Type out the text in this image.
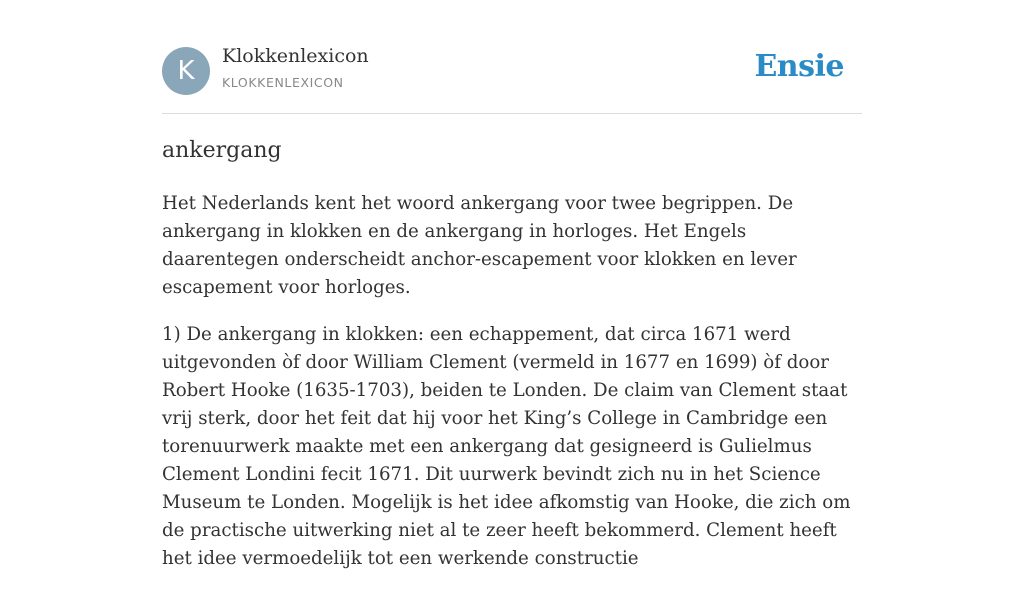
K	Klokkenlexicon
KLOKKENLEXICON	Ensie
ankergang

Het Nederlands kent het woord ankergang voor twee begrippen. De ankergang in klokken en de ankergang in horloges. Het Engels daarentegen onderscheidt anchor-escapement voor klokken en lever escapement voor horloges.

1) De ankergang in klokken: een echappement, dat circa 1671 werd uitgevonden òf door William Clement (vermeld in 1677 en 1699) òf door Robert Hooke (1635-1703), beiden te Londen. De claim van Clement staat vrij sterk, door het feit dat hij voor het King’s College in Cambridge een torenuurwerk maakte met een ankergang dat gesigneerd is Gulielmus Clement Londini fecit 1671. Dit uurwerk bevindt zich nu in het Science Museum te Londen. Mogelijk is het idee afkomstig van Hooke, die zich om de practische uitwerking niet al te zeer heeft bekommerd. Clement heeft het idee vermoedelijk tot een werkende constructie
